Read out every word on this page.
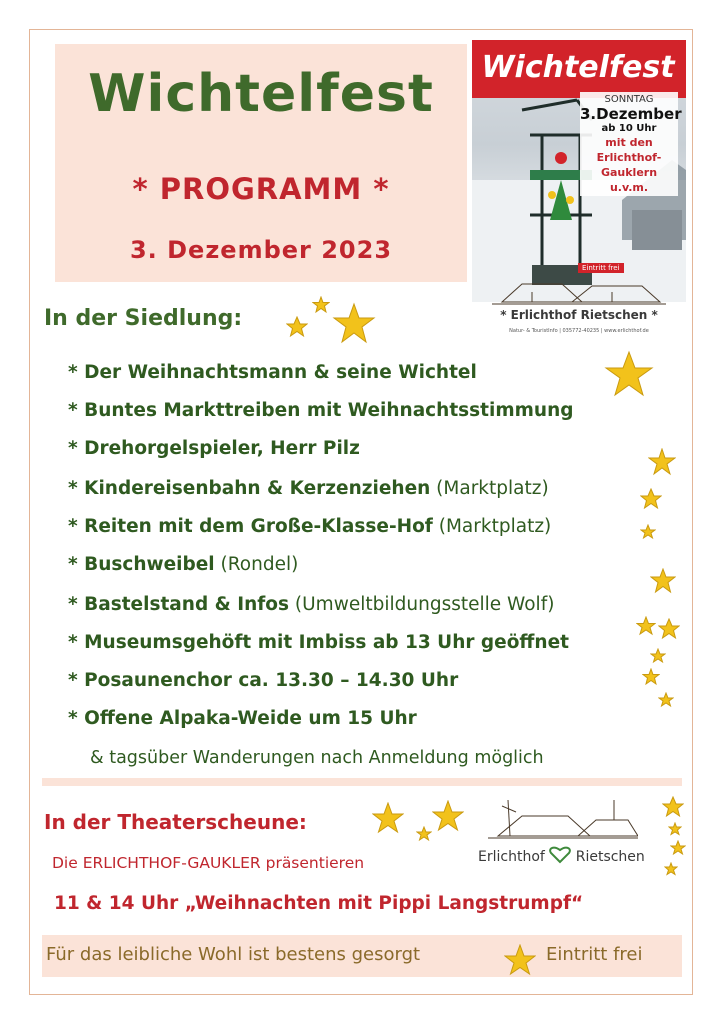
Wichtelfest
* PROGRAMM *
3. Dezember 2023
Wichtelfest
SONNTAG
3.Dezember
ab 10 Uhr
mit den
Erlichthof-
Gauklern
u.v.m.
Eintritt frei
* Erlichthof Rietschen *
Natur- & TouristInfo | 035772-40235 | www.erlichthof.de
In der Siedlung:
* Der Weihnachtsmann & seine Wichtel
* Buntes Markttreiben mit Weihnachtsstimmung
* Drehorgelspieler, Herr Pilz
* Kindereisenbahn & Kerzenziehen (Marktplatz)
* Reiten mit dem Große-Klasse-Hof (Marktplatz)
* Buschweibel (Rondel)
* Bastelstand & Infos (Umweltbildungsstelle Wolf)
* Museumsgehöft mit Imbiss ab 13 Uhr geöffnet
* Posaunenchor ca. 13.30 – 14.30 Uhr
* Offene Alpaka-Weide um 15 Uhr
& tagsüber Wanderungen nach Anmeldung möglich
In der Theaterscheune:
Die ERLICHTHOF-GAUKLER präsentieren
11 & 14 Uhr „Weihnachten mit Pippi Langstrumpf“
Erlichthof Rietschen
Für das leibliche Wohl ist bestens gesorgt	Eintritt frei
